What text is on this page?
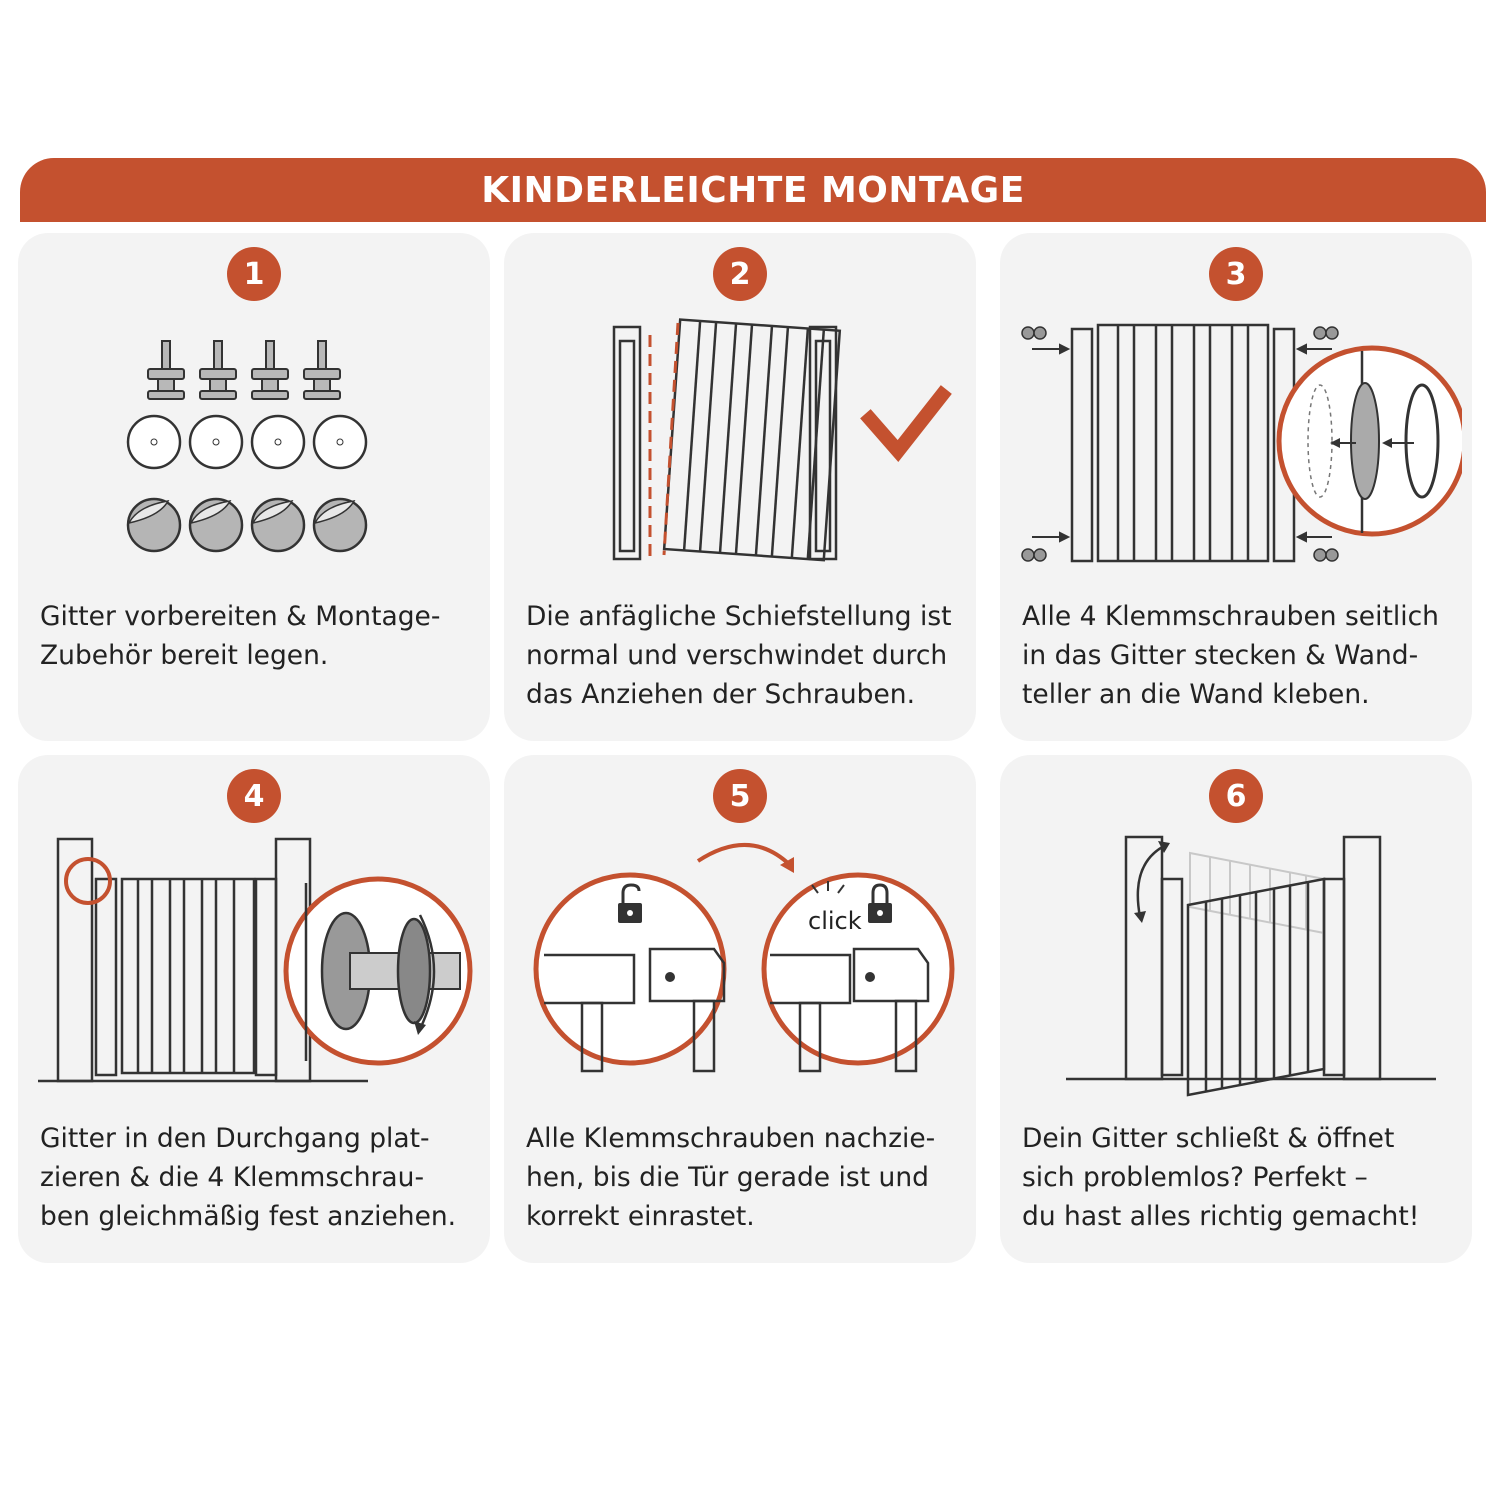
KINDERLEICHTE MONTAGE
1
Gitter vorbereiten & Montage-
Zubehör bereit legen.
2
Die anfägliche Schiefstellung ist
normal und verschwindet durch
das Anziehen der Schrauben.
3
Alle 4 Klemmschrauben seitlich
in das Gitter stecken & Wand-
teller an die Wand kleben.
4
Gitter in den Durchgang plat-
zieren & die 4 Klemmschrau-
ben gleichmäßig fest anziehen.
5
click
Alle Klemmschrauben nachzie-
hen, bis die Tür gerade ist und
korrekt einrastet.
6
Dein Gitter schließt & öffnet
sich problemlos? Perfekt –
du hast alles richtig gemacht!
